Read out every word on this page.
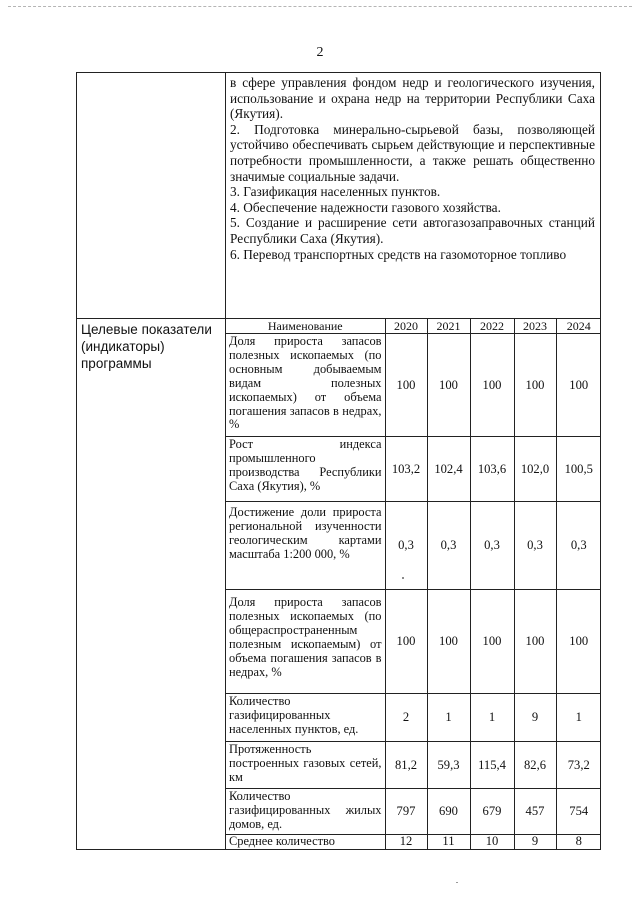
2

в сфере управления фондом недр и геологического изучения, использование и охрана недр на территории Республики Саха (Якутия).

2. Подготовка минерально-сырьевой базы, позволяющей устойчиво обеспечивать сырьем действующие и перспективные потребности промышленности, а также решать общественно значимые социальные задачи.

3. Газификация населенных пунктов.

4. Обеспечение надежности газового хозяйства.

5. Создание и расширение сети автогазозаправочных станций Республики Саха (Якутия).

6. Перевод транспортных средств на газомоторное топливо

Целевые показатели (индикаторы) программы	
Наименование	2020	2021	2022	2023	2024
Доля прироста запасов полезных ископаемых (по основным добываемым видам полезных ископаемых) от объема погашения запасов в недрах, %	100	100	100	100	100
Рост индекса промышленного производства Республики Саха (Якутия), %	103,2	102,4	103,6	102,0	100,5
Достижение доли прироста региональной изученности геологическим картами масштаба 1:200 000, %	0,3	0,3	0,3	0,3	0,3
Доля приростa запасов полезных ископаемых (по общераспространенным полезным ископаемым) от объема погашения запасов в недрах, %	100	100	100	100	100
Количество газифицированных населенных пунктов, ед.	2	1	1	9	1
Протяженность построенных газовых сетей, км	81,2	59,3	115,4	82,6	73,2
Количество газифицированных жилых домов, ед.	797	690	679	457	754
Среднее количество	12	11	10	9	8
